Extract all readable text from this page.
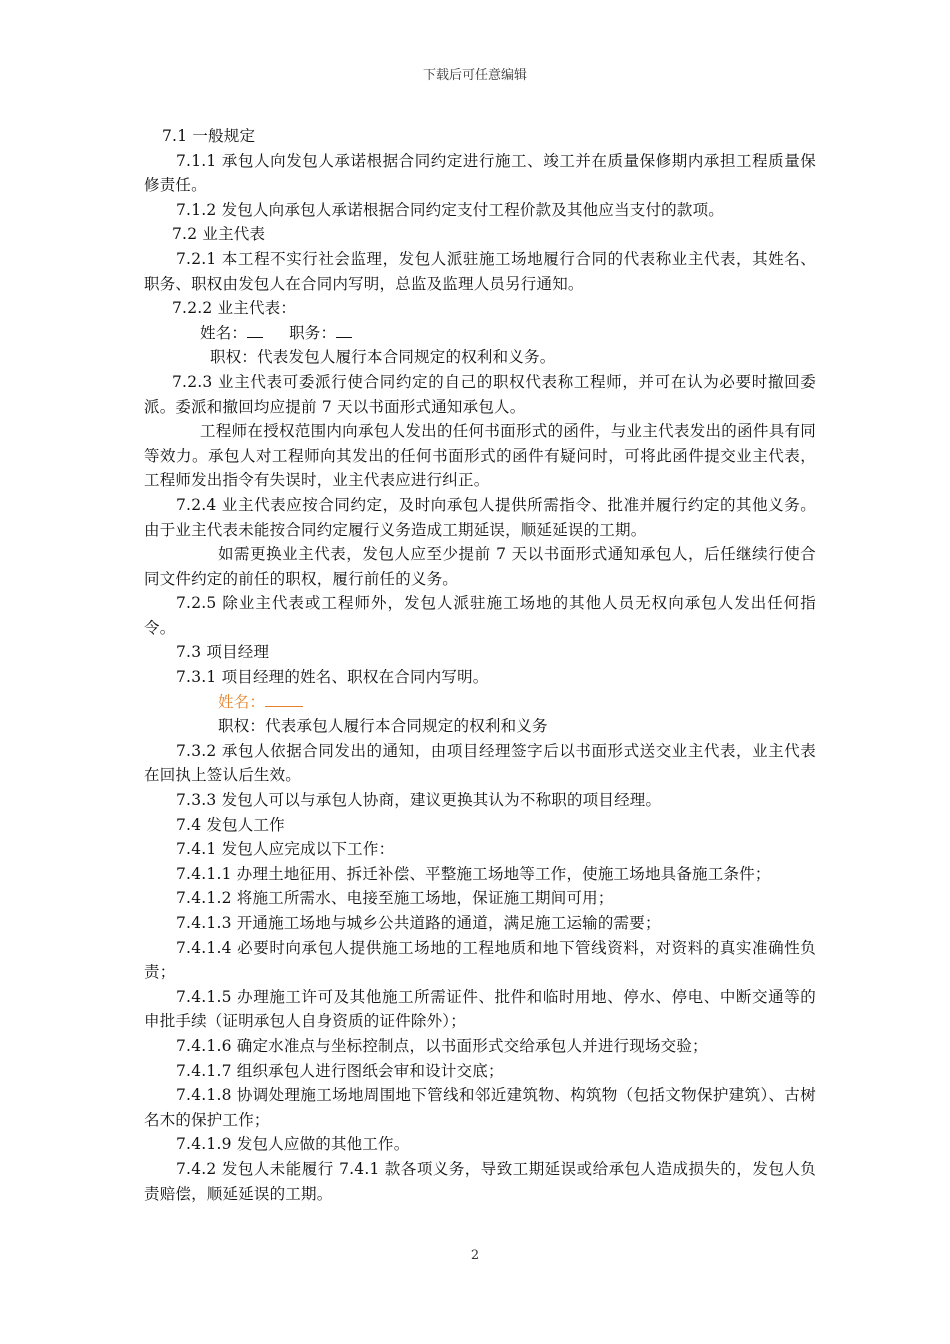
下载后可任意编辑

7.1 一般规定

7.1.1 承包人向发包人承诺根据合同约定进行施工、竣工并在质量保修期内承担工程质量保修责任。

7.1.2 发包人向承包人承诺根据合同约定支付工程价款及其他应当支付的款项。

7.2 业主代表

7.2.1 本工程不实行社会监理，发包人派驻施工场地履行合同的代表称业主代表，其姓名、职务、职权由发包人在合同内写明，总监及监理人员另行通知。

7.2.2 业主代表：

姓名：	职务：

职权：代表发包人履行本合同规定的权利和义务。

7.2.3 业主代表可委派行使合同约定的自己的职权代表称工程师，并可在认为必要时撤回委派。委派和撤回均应提前 7 天以书面形式通知承包人。

工程师在授权范围内向承包人发出的任何书面形式的函件，与业主代表发出的函件具有同等效力。承包人对工程师向其发出的任何书面形式的函件有疑问时，可将此函件提交业主代表，工程师发出指令有失误时，业主代表应进行纠正。

7.2.4 业主代表应按合同约定，及时向承包人提供所需指令、批准并履行约定的其他义务。由于业主代表未能按合同约定履行义务造成工期延误，顺延延误的工期。

如需更换业主代表，发包人应至少提前 7 天以书面形式通知承包人，后任继续行使合同文件约定的前任的职权，履行前任的义务。

7.2.5 除业主代表或工程师外，发包人派驻施工场地的其他人员无权向承包人发出任何指令。

7.3 项目经理

7.3.1 项目经理的姓名、职权在合同内写明。

姓名：

职权：代表承包人履行本合同规定的权利和义务

7.3.2 承包人依据合同发出的通知，由项目经理签字后以书面形式送交业主代表，业主代表在回执上签认后生效。

7.3.3 发包人可以与承包人协商，建议更换其认为不称职的项目经理。

7.4 发包人工作

7.4.1 发包人应完成以下工作：

7.4.1.1 办理土地征用、拆迁补偿、平整施工场地等工作，使施工场地具备施工条件；

7.4.1.2 将施工所需水、电接至施工场地，保证施工期间可用；

7.4.1.3 开通施工场地与城乡公共道路的通道，满足施工运输的需要；

7.4.1.4 必要时向承包人提供施工场地的工程地质和地下管线资料，对资料的真实准确性负责；

7.4.1.5 办理施工许可及其他施工所需证件、批件和临时用地、停水、停电、中断交通等的申批手续（证明承包人自身资质的证件除外）；

7.4.1.6 确定水准点与坐标控制点，以书面形式交给承包人并进行现场交验；

7.4.1.7 组织承包人进行图纸会审和设计交底；

7.4.1.8 协调处理施工场地周围地下管线和邻近建筑物、构筑物（包括文物保护建筑）、古树名木的保护工作；

7.4.1.9 发包人应做的其他工作。

7.4.2 发包人未能履行 7.4.1 款各项义务，导致工期延误或给承包人造成损失的，发包人负责赔偿，顺延延误的工期。

2
